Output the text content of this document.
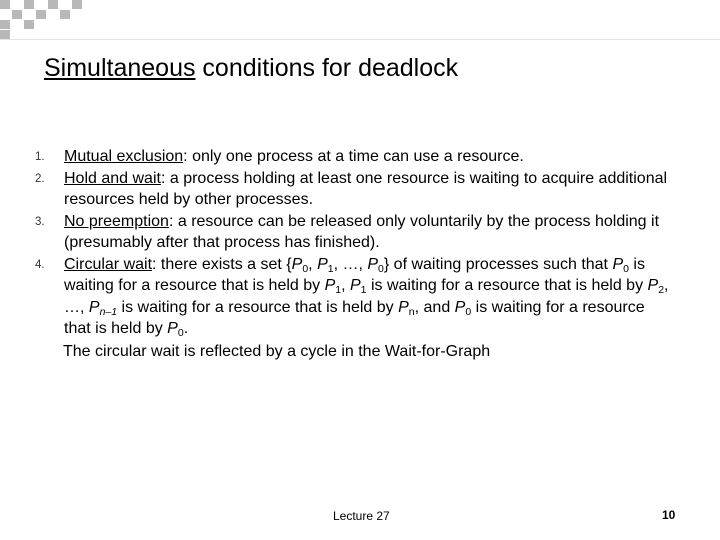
Simultaneous conditions for deadlock
1.	Mutual exclusion: only one process at a time can use a resource.
2.	Hold and wait: a process holding at least one resource is waiting to acquire additional resources held by other processes.
3.	No preemption: a resource can be released only voluntarily by the process holding it (presumably after that process has finished).
4.	Circular wait: there exists a set {$P_0$, $P_1$, …, $P_0$} of waiting processes such that $P_0$ is waiting for a resource that is held by $P_1$, $P_1$ is waiting for a resource that is held by $P_2$, …, $P_{n-1}$ is waiting for a resource that is held by $P_n$, and $P_0$ is waiting for a resource that is held by $P_0$.
The circular wait is reflected by a cycle in the Wait-for-Graph
Lecture 27	10
